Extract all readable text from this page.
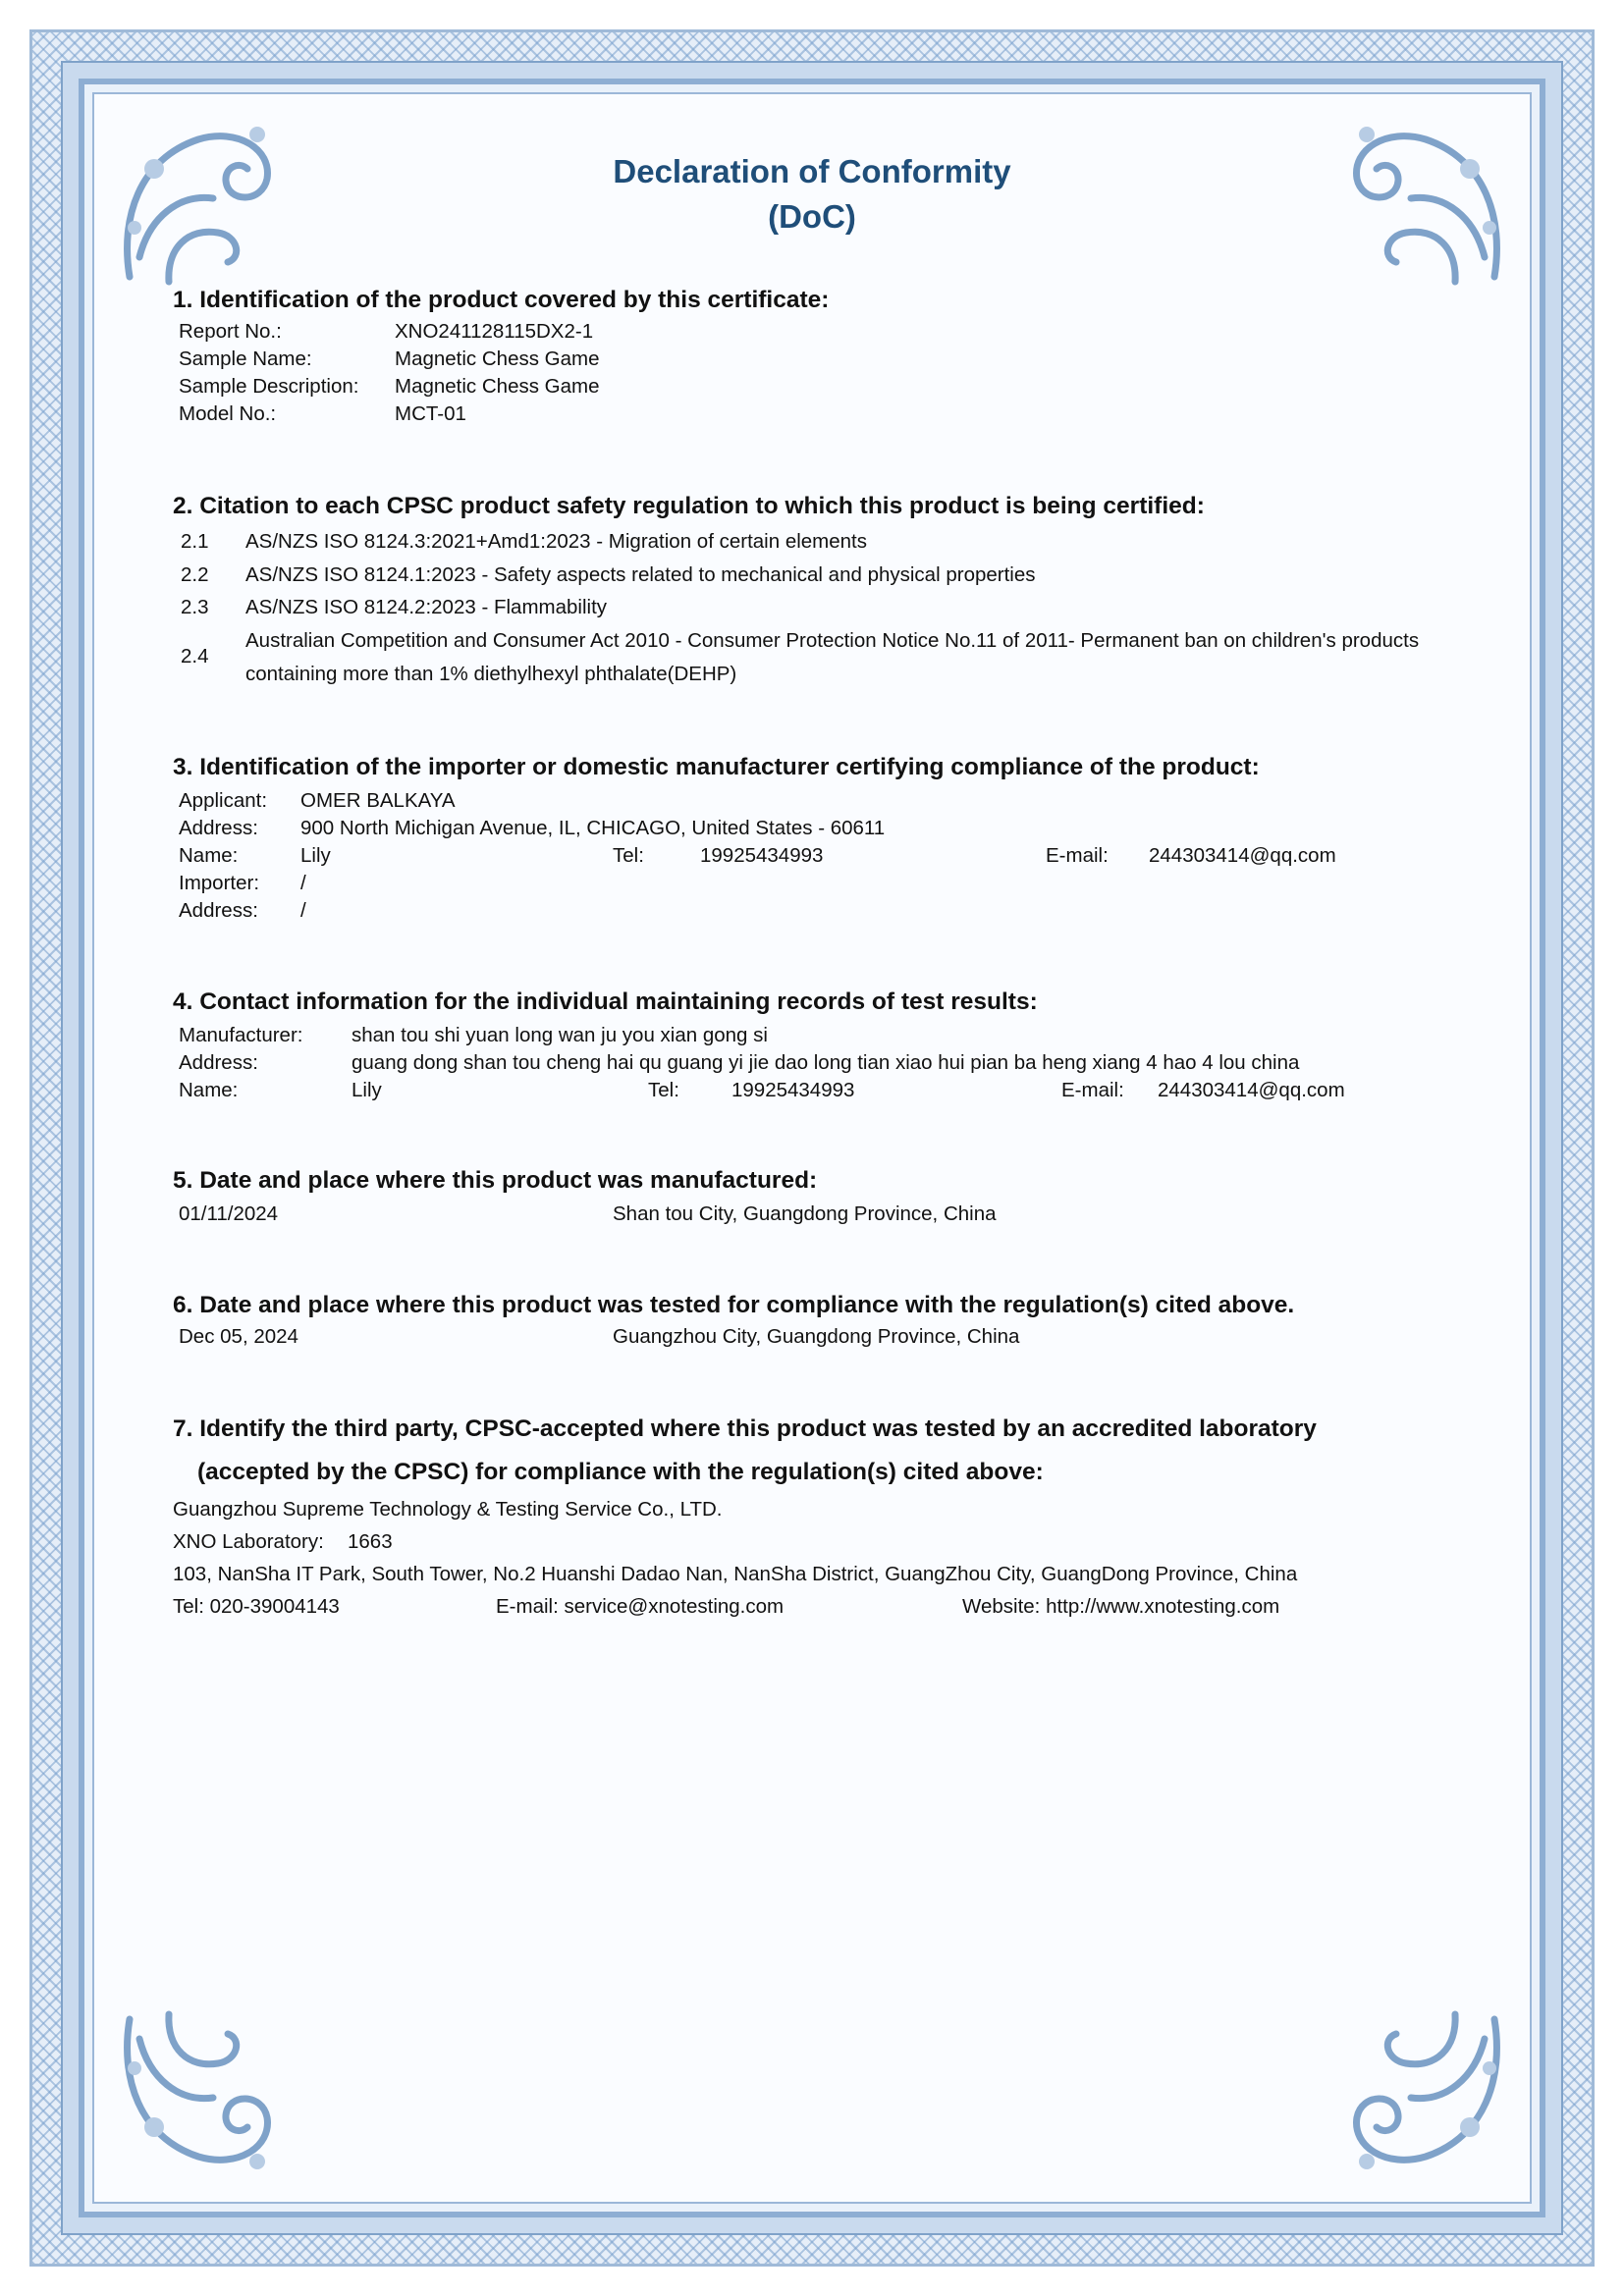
Declaration of Conformity
(DoC)
1. Identification of the product covered by this certificate:
Report No.:	XNO241128115DX2-1
Sample Name:	Magnetic Chess Game
Sample Description: Magnetic Chess Game
Model No.:	MCT-01
2. Citation to each CPSC product safety regulation to which this product is being certified:
2.1 AS/NZS ISO 8124.3:2021+Amd1:2023 - Migration of certain elements
2.2 AS/NZS ISO 8124.1:2023 - Safety aspects related to mechanical and physical properties
2.3 AS/NZS ISO 8124.2:2023 - Flammability
2.4
Australian Competition and Consumer Act 2010 - Consumer Protection Notice No.11 of 2011- Permanent ban on children's products
containing more than 1% diethylhexyl phthalate(DEHP)
3. Identification of the importer or domestic manufacturer certifying compliance of the product:
Applicant: OMER BALKAYA
Address: 900 North Michigan Avenue, IL, CHICAGO, United States - 60611
Name:	Lily	Tel:	19925434993	E-mail: 244303414@qq.com
Importer: /
Address: /
4. Contact information for the individual maintaining records of test results:
Manufacturer: shan tou shi yuan long wan ju you xian gong si
Address:	guang dong shan tou cheng hai qu guang yi jie dao long tian xiao hui pian ba heng xiang 4 hao 4 lou china
Name:	Lily	Tel:	19925434993	E-mail: 244303414@qq.com
5. Date and place where this product was manufactured:
01/11/2024	Shan tou City, Guangdong Province, China
6. Date and place where this product was tested for compliance with the regulation(s) cited above.
Dec 05, 2024	Guangzhou City, Guangdong Province, China
7. Identify the third party, CPSC-accepted where this product was tested by an accredited laboratory
(accepted by the CPSC) for compliance with the regulation(s) cited above:
Guangzhou Supreme Technology & Testing Service Co., LTD.
XNO Laboratory: 1663
103, NanSha IT Park, South Tower, No.2 Huanshi Dadao Nan, NanSha District, GuangZhou City, GuangDong Province, China
Tel: 020-39004143	E-mail: service@xnotesting.com	Website: http://www.xnotesting.com
